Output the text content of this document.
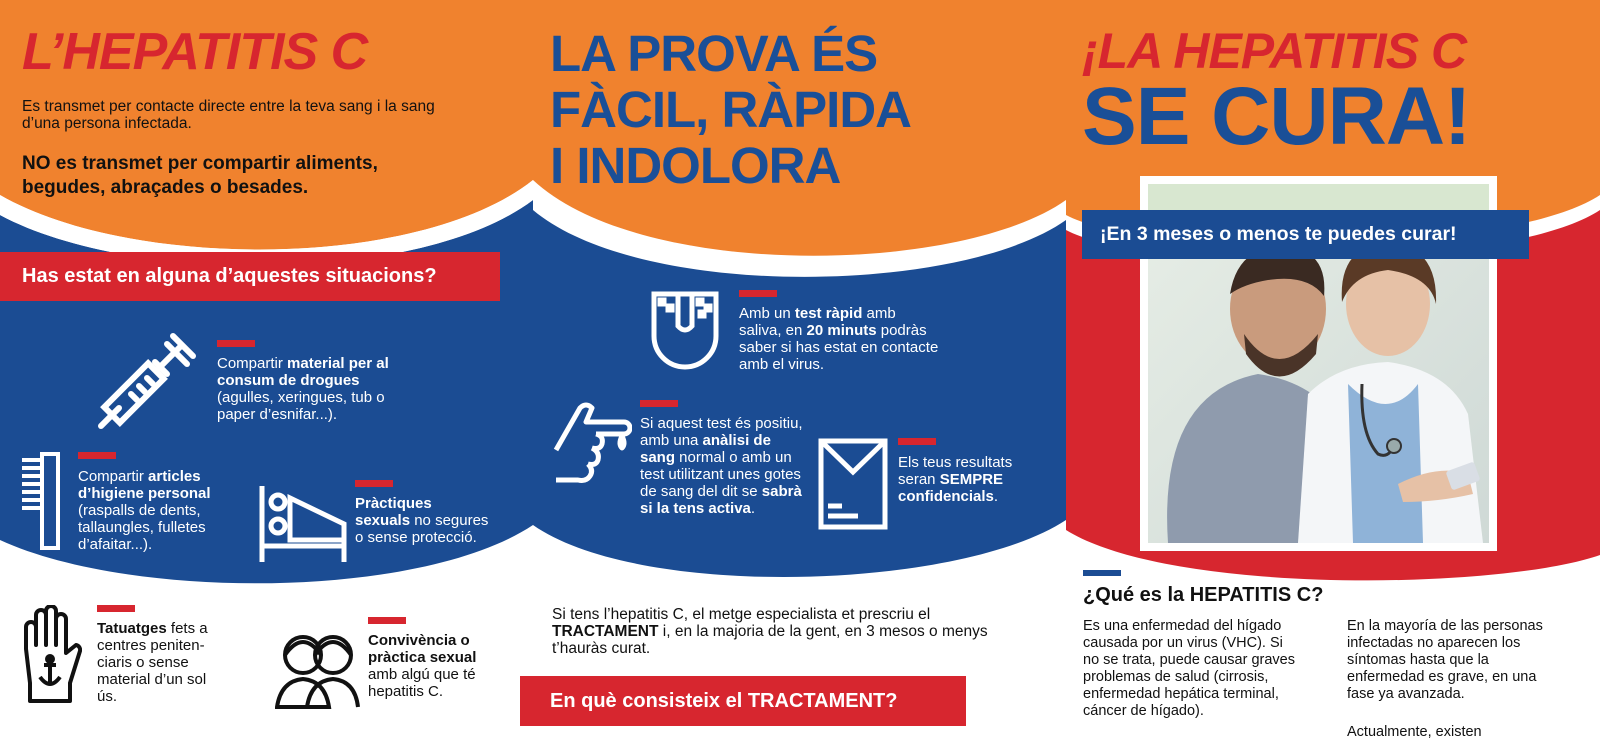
L’HEPATITIS C
Es transmet per contacte directe entre la teva sang i la sang d’una persona infectada.
NO es transmet per compartir aliments, begudes, abraçades o besades.
Has estat en alguna d’aquestes situacions?
Compartir material per al consum de drogues (agulles, xeringues, tub o paper d’esnifar...).
Compartir articles d’higiene personal (raspalls de dents, tallaungles, fulletes d’afaitar...).
Pràctiques sexuals no segures o sense protecció.
Tatuatges fets a centres peniten-ciaris o sense material d’un sol ús.
Convivència o pràctica sexual amb algú que té hepatitis C.
LA PROVA ÉS
FÀCIL, RÀPIDA
I INDOLORA
Amb un test ràpid amb saliva, en 20 minuts podràs saber si has estat en contacte amb el virus.
Si aquest test és positiu, amb una anàlisi de sang normal o amb un test utilitzant unes gotes de sang del dit se sabrà si la tens activa.
Els teus resultats seran SEMPRE confidencials.
Si tens l’hepatitis C, el metge especialista et prescriu el TRACTAMENT i, en la majoria de la gent, en 3 mesos o menys t’hauràs curat.
En què consisteix el TRACTAMENT?
¡LA HEPATITIS C
SE CURA!
¡En 3 meses o menos te puedes curar!
¿Qué es la HEPATITIS C?
Es una enfermedad del hígado causada por un virus (VHC). Si no se trata, puede causar graves problemas de salud (cirrosis, enfermedad hepática terminal, cáncer de hígado).
En la mayoría de las personas infectadas no aparecen los síntomas hasta que la enfermedad es grave, en una fase ya avanzada.
Actualmente, existen
